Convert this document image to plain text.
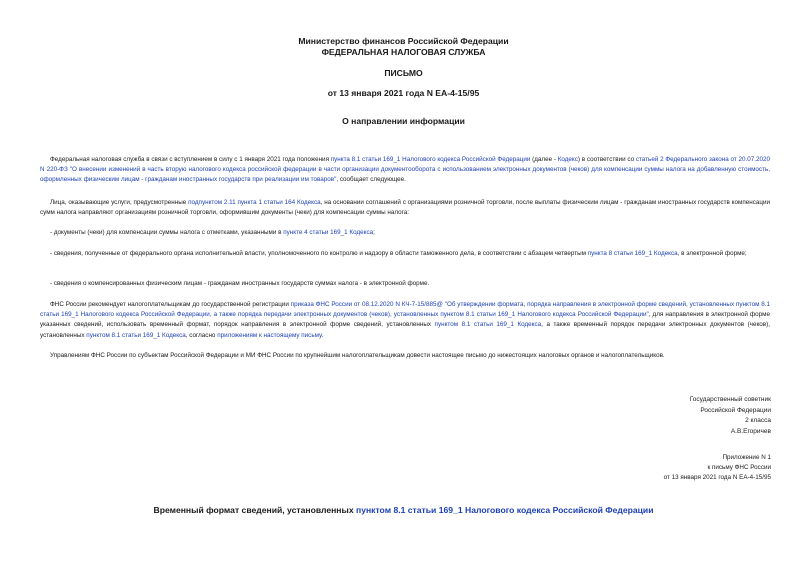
Министерство финансов Российской Федерации
ФЕДЕРАЛЬНАЯ НАЛОГОВАЯ СЛУЖБА
ПИСЬМО
от 13 января 2021 года N ЕА-4-15/95
О направлении информации
Федеральная налоговая служба в связи с вступлением в силу с 1 января 2021 года положения пункта 8.1 статьи 169_1 Налогового кодекса Российской Федерации (далее - Кодекс) в соответствии со статьей 2 Федерального закона от 20.07.2020 N 220-ФЗ "О внесении изменений в часть вторую налогового кодекса российской федерации в части организации документооборота с использованием электронных документов (чеков) для компенсации суммы налога на добавленную стоимость, оформленных физическим лицам - гражданам иностранных государств при реализации им товаров", сообщает следующее.
Лица, оказывающие услуги, предусмотренные подпунктом 2.11 пункта 1 статьи 164 Кодекса, на основании соглашений с организациями розничной торговли, после выплаты физическим лицам - гражданам иностранных государств компенсации сумм налога направляют организациям розничной торговли, оформившим документы (чеки) для компенсации суммы налога:
- документы (чеки) для компенсации суммы налога с отметками, указанными в пункте 4 статьи 169_1 Кодекса;
- сведения, полученные от федерального органа исполнительной власти, уполномоченного по контролю и надзору в области таможенного дела, в соответствии с абзацем четвертым пункта 8 статьи 169_1 Кодекса, в электронной форме;
- сведения о компенсированных физическим лицам - гражданам иностранных государств суммах налога - в электронной форме.
ФНС России рекомендует налогоплательщикам до государственной регистрации приказа ФНС России от 08.12.2020 N КЧ-7-15/885@ "Об утверждении формата, порядка направления в электронной форме сведений, установленных пунктом 8.1 статьи 169_1 Налогового кодекса Российской Федерации, а также порядка передачи электронных документов (чеков), установленных пунктом 8.1 статьи 169_1 Налогового кодекса Российской Федерации", для направления в электронной форме указанных сведений, использовать временный формат, порядок направления в электронной форме сведений, установленных пунктом 8.1 статьи 169_1 Кодекса, а также временный порядок передачи электронных документов (чеков), установленных пунктом 8.1 статьи 169_1 Кодекса, согласно приложениям к настоящему письму.
Управлениям ФНС России по субъектам Российской Федерации и МИ ФНС России по крупнейшим налогоплательщикам довести настоящее письмо до нижестоящих налоговых органов и налогоплательщиков.
Государственный советник
Российской Федерации
2 класса
А.В.Егоричев
Приложение N 1
к письму ФНС России
от 13 января 2021 года N ЕА-4-15/95
Временный формат сведений, установленных пунктом 8.1 статьи 169_1 Налогового кодекса Российской Федерации
